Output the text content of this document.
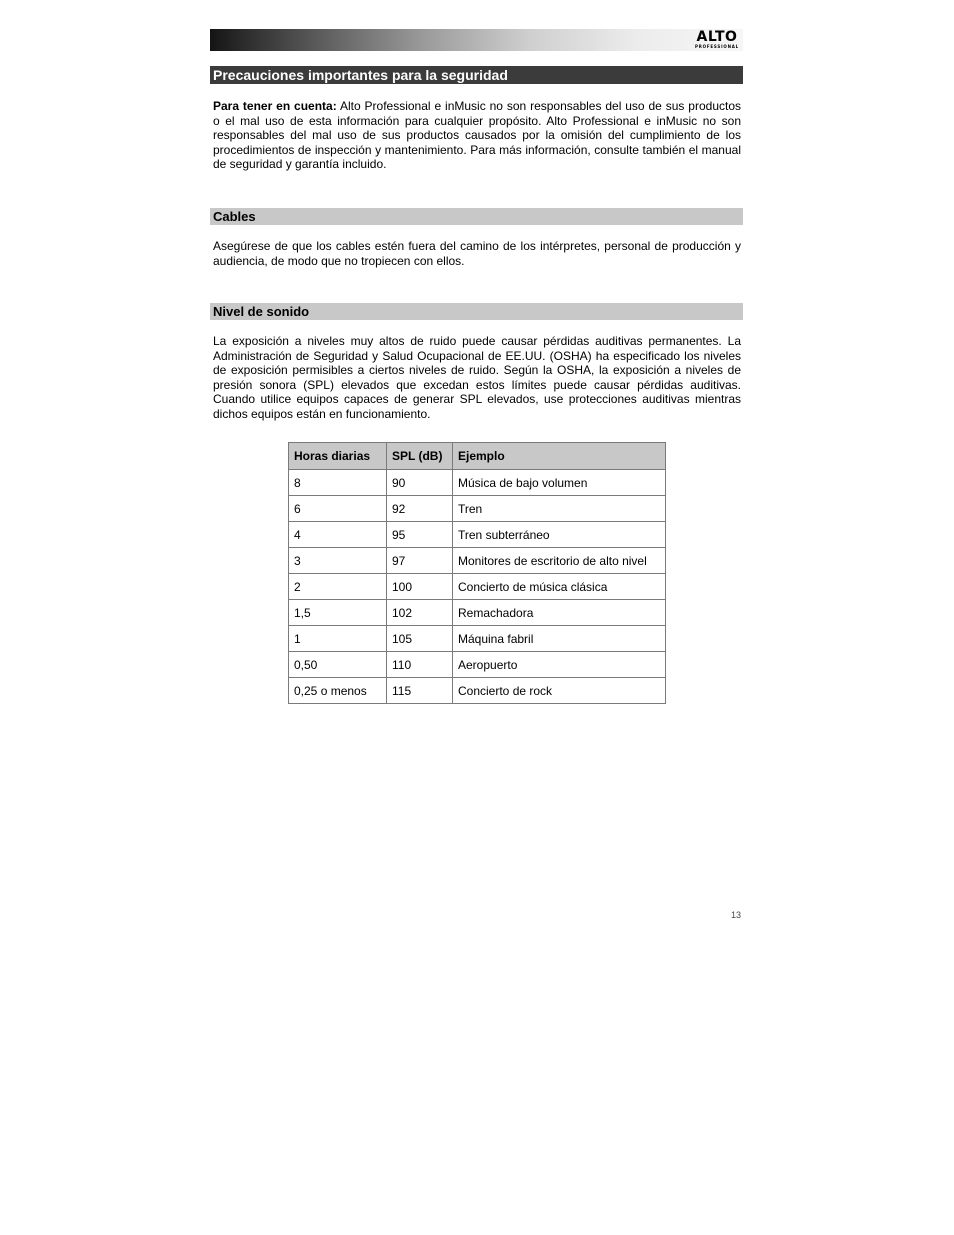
ALTO
PROFESSIONAL
Precauciones importantes para la seguridad

Para tener en cuenta: Alto Professional e inMusic no son responsables del uso de sus productos o el mal uso de esta información para cualquier propósito. Alto Professional e inMusic no son responsables del mal uso de sus productos causados por la omisión del cumplimiento de los procedimientos de inspección y mantenimiento. Para más información, consulte también el manual de seguridad y garantía incluido.

Cables

Asegúrese de que los cables estén fuera del camino de los intérpretes, personal de producción y audiencia, de modo que no tropiecen con ellos.

Nivel de sonido

La exposición a niveles muy altos de ruido puede causar pérdidas auditivas permanentes. La Administración de Seguridad y Salud Ocupacional de EE.UU. (OSHA) ha especificado los niveles de exposición permisibles a ciertos niveles de ruido. Según la OSHA, la exposición a niveles de presión sonora (SPL) elevados que excedan estos límites puede causar pérdidas auditivas. Cuando utilice equipos capaces de generar SPL elevados, use protecciones auditivas mientras dichos equipos están en funcionamiento.

Horas diarias	SPL (dB)	Ejemplo
8	90	Música de bajo volumen
6	92	Tren
4	95	Tren subterráneo
3	97	Monitores de escritorio de alto nivel
2	100	Concierto de música clásica
1,5	102	Remachadora
1	105	Máquina fabril
0,50	110	Aeropuerto
0,25 o menos	115	Concierto de rock
13
